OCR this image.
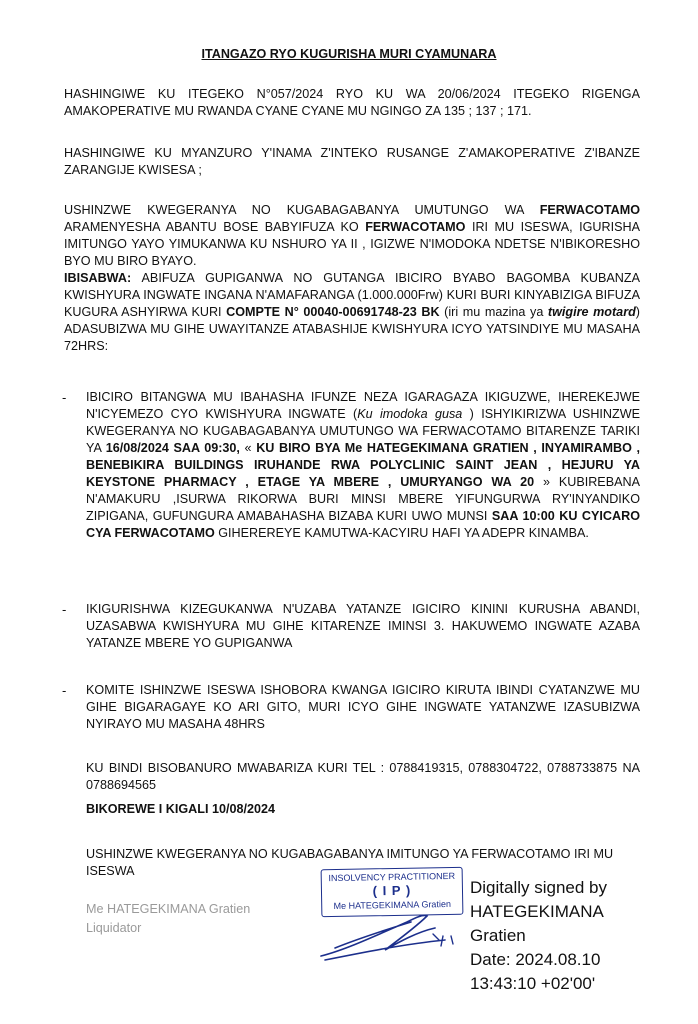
ITANGAZO RYO KUGURISHA MURI CYAMUNARA

HASHINGIWE KU ITEGEKO N°057/2024 RYO KU WA 20/06/2024 ITEGEKO RIGENGA AMAKOPERATIVE MU RWANDA CYANE CYANE MU NGINGO ZA 135 ; 137 ; 171.

HASHINGIWE KU MYANZURO Y'INAMA Z'INTEKO RUSANGE Z'AMAKOPERATIVE Z'IBANZE ZARANGIJE KWISESA ;

USHINZWE KWEGERANYA NO KUGABAGABANYA UMUTUNGO WA FERWACOTAMO ARAMENYESHA ABANTU BOSE BABYIFUZA KO FERWACOTAMO IRI MU ISESWA, IGURISHA IMITUNGO YAYO YIMUKANWA KU NSHURO YA II , IGIZWE N'IMODOKA NDETSE N'IBIKORESHO BYO MU BIRO BYAYO.
IBISABWA: ABIFUZA GUPIGANWA NO GUTANGA IBICIRO BYABO BAGOMBA KUBANZA KWISHYURA INGWATE INGANA N'AMAFARANGA (1.000.000Frw) KURI BURI KINYABIZIGA BIFUZA KUGURA ASHYIRWA KURI COMPTE N° 00040-00691748-23 BK (iri mu mazina ya twigire motard) ADASUBIZWA MU GIHE UWAYITANZE ATABASHIJE KWISHYURA ICYO YATSINDIYE MU MASAHA 72HRS:

- IBICIRO BITANGWA MU IBAHASHA IFUNZE NEZA IGARAGAZA IKIGUZWE, IHEREKEJWE N'ICYEMEZO CYO KWISHYURA INGWATE (Ku imodoka gusa ) ISHYIKIRIZWA USHINZWE KWEGERANYA NO KUGABAGABANYA UMUTUNGO WA FERWACOTAMO BITARENZE TARIKI YA 16/08/2024 SAA 09:30, « KU BIRO BYA Me HATEGEKIMANA GRATIEN , INYAMIRAMBO , BENEBIKIRA BUILDINGS IRUHANDE RWA POLYCLINIC SAINT JEAN , HEJURU YA KEYSTONE PHARMACY , ETAGE YA MBERE , UMURYANGO WA 20 » KUBIREBANA N'AMAKURU ,ISURWA RIKORWA BURI MINSI MBERE YIFUNGURWA RY'INYANDIKO ZIPIGANA, GUFUNGURA AMABAHASHA BIZABA KURI UWO MUNSI SAA 10:00 KU CYICARO CYA FERWACOTAMO GIHEREREYE KAMUTWA-KACYIRU HAFI YA ADEPR KINAMBA.

- IKIGURISHWA KIZEGUKANWA N'UZABA YATANZE IGICIRO KININI KURUSHA ABANDI, UZASABWA KWISHYURA MU GIHE KITARENZE IMINSI 3. HAKUWEMO INGWATE AZABA YATANZE MBERE YO GUPIGANWA

- KOMITE ISHINZWE ISESWA ISHOBORA KWANGA IGICIRO KIRUTA IBINDI CYATANZWE MU GIHE BIGARAGAYE KO ARI GITO, MURI ICYO GIHE INGWATE YATANZWE IZASUBIZWA NYIRAYO MU MASAHA 48HRS

KU BINDI BISOBANURO MWABARIZA KURI TEL : 0788419315, 0788304722, 0788733875 NA 0788694565

BIKOREWE I KIGALI 10/08/2024

USHINZWE KWEGERANYA NO KUGABAGABANYA IMITUNGO YA FERWACOTAMO IRI MU ISESWA

Me HATEGEKIMANA Gratien
Liquidator
INSOLVENCY PRACTITIONER
( I P )
Me HATEGEKIMANA Gratien
Digitally signed by
HATEGEKIMANA
Gratien
Date: 2024.08.10
13:43:10 +02'00'
